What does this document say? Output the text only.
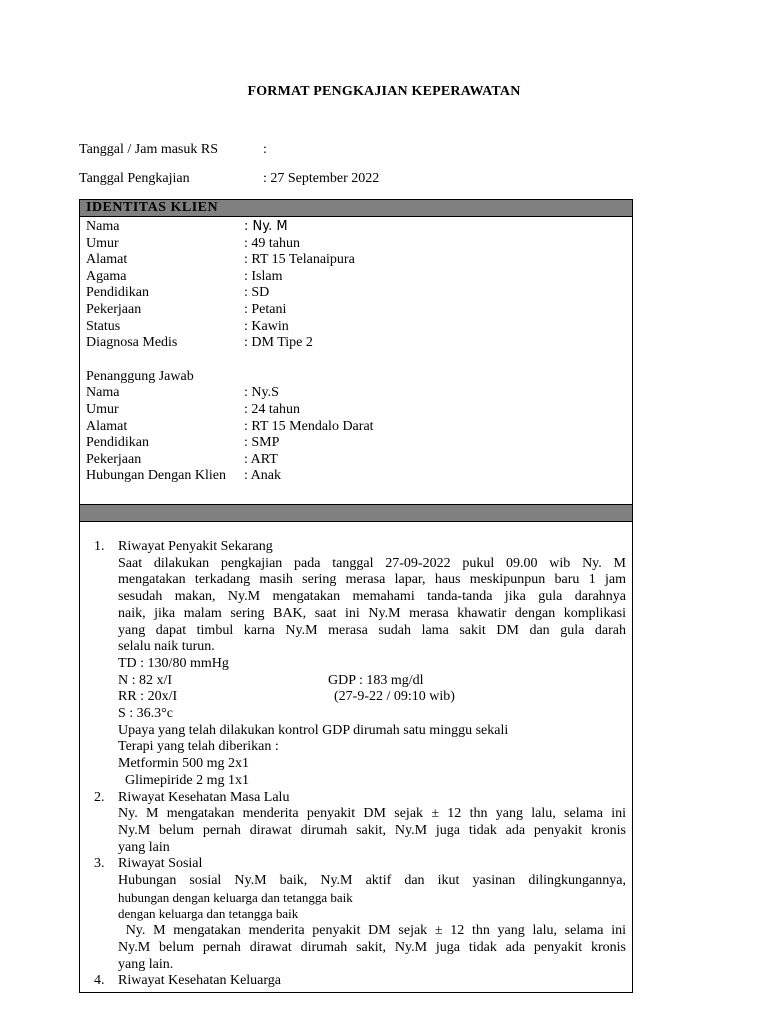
FORMAT PENGKAJIAN KEPERAWATAN
Tanggal / Jam masuk RS	:
Tanggal Pengkajian	: 27 September 2022
IDENTITAS KLIEN
Nama	: Ny. M
Umur	: 49 tahun
Alamat	: RT 15 Telanaipura
Agama	: Islam
Pendidikan	: SD
Pekerjaan	: Petani
Status	: Kawin
Diagnosa Medis	: DM Tipe 2
Penanggung Jawab
Nama	: Ny.S
Umur	: 24 tahun
Alamat	: RT 15 Mendalo Darat
Pendidikan	: SMP
Pekerjaan	: ART
Hubungan Dengan Klien : Anak
1. Riwayat Penyakit Sekarang
Saat dilakukan pengkajian pada tanggal 27-09-2022 pukul 09.00 wib Ny. M
mengatakan terkadang masih sering merasa lapar, haus meskipunpun baru 1 jam
sesudah makan, Ny.M mengatakan memahami tanda-tanda jika gula darahnya
naik, jika malam sering BAK, saat ini Ny.M merasa khawatir dengan komplikasi
yang dapat timbul karna Ny.M merasa sudah lama sakit DM dan gula darah
selalu naik turun.
TD : 130/80 mmHg
N : 82 x/I	GDP : 183 mg/dl
RR : 20x/I	(27-9-22 / 09:10 wib)
S : 36.3°c
Upaya yang telah dilakukan kontrol GDP dirumah satu minggu sekali
Terapi yang telah diberikan :
Metformin 500 mg 2x1
Glimepiride 2 mg 1x1
2. Riwayat Kesehatan Masa Lalu
Ny. M mengatakan menderita penyakit DM sejak ± 12 thn yang lalu, selama ini
Ny.M belum pernah dirawat dirumah sakit, Ny.M juga tidak ada penyakit kronis
yang lain
3. Riwayat Sosial
Hubungan sosial Ny.M baik, Ny.M aktif dan ikut yasinan dilingkungannya,
hubungan dengan keluarga dan tetangga baik
dengan keluarga dan tetangga baik
Ny. M mengatakan menderita penyakit DM sejak ± 12 thn yang lalu, selama ini
Ny.M belum pernah dirawat dirumah sakit, Ny.M juga tidak ada penyakit kronis
yang lain.
4. Riwayat Kesehatan Keluarga
